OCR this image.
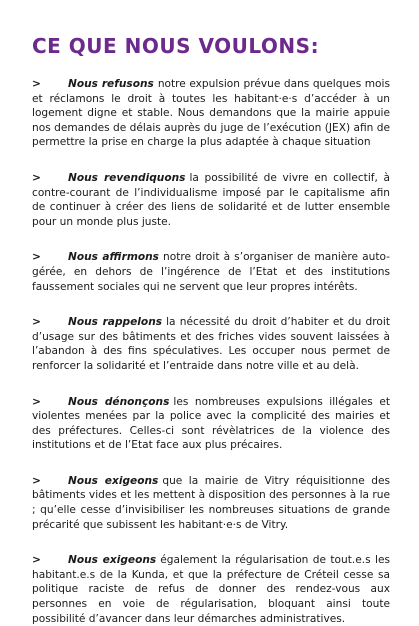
CE QUE NOUS VOULONS:

>	Nous refusons notre expulsion prévue dans quelques mois et réclamons le droit à toutes les habitant·e·s d’accéder à un logement digne et stable. Nous demandons que la mairie appuie nos demandes de délais auprès du juge de l’exécution (JEX) afin de permettre la prise en charge la plus adaptée à chaque situation

>	Nous revendiquons la possibilité de vivre en collectif, à contre-courant de l’individualisme imposé par le capitalisme afin de continuer à créer des liens de solidarité et de lutter ensemble pour un monde plus juste.

>	Nous affirmons notre droit à s’organiser de manière auto-gérée, en dehors de l’ingérence de l’Etat et des institutions faussement sociales qui ne servent que leur propres intérêts.

>	Nous rappelons la nécessité du droit d’habiter et du droit d’usage sur des bâtiments et des friches vides souvent laissées à l’abandon à des fins spéculatives. Les occuper nous permet de renforcer la solidarité et l’entraide dans notre ville et au delà.

>	Nous dénonçons les nombreuses expulsions illégales et violentes menées par la police avec la complicité des mairies et des préfectures. Celles-ci sont révèlatrices de la violence des institutions et de l’Etat face aux plus précaires.

>	Nous exigeons que la mairie de Vitry réquisitionne des bâtiments vides et les mettent à disposition des personnes à la rue ; qu’elle cesse d’invisibiliser les nombreuses situations de grande précarité que subissent les habitant·e·s de Vitry.

>	Nous exigeons également la régularisation de tout.e.s les habitant.e.s de la Kunda, et que la préfecture de Créteil cesse sa politique raciste de refus de donner des rendez-vous aux personnes en voie de régularisation, bloquant ainsi toute possibilité d’avancer dans leur démarches administratives.
